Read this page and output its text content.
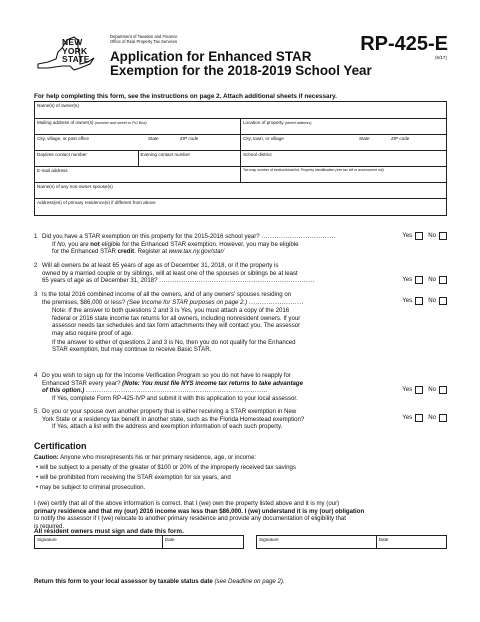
NEW
YORK
STATE
Department of Taxation and Finance
Office of Real Property Tax Services
Application for Enhanced STAR
Exemption for the 2018-2019 School Year
RP-425-E
(6/17)
For help completing this form, see the instructions on page 2. Attach additional sheets if necessary.
Name(s) of owner(s)
Mailing address of owner(s) (number and street or PO Box)	Location of property (street address)
City, village, or post office	State	ZIP code	City, town, or village	State	ZIP code
Daytime contact number	Evening contact number	School district
E-mail address	Tax map number of section/block/lot: Property identification (see tax bill or assessment roll)
Name(s) of any non-owner spouse(s)
Address(es) of primary residence(s) if different from above
1 Did you have a STAR exemption on this property for the 2015-2016 school year? ..................................

If No, you are not eligible for the Enhanced STAR exemption. However, you may be eligible

for the Enhanced STAR credit. Register at www.tax.ny.gov/star/

Yes	No
2 Will all owners be at least 65 years of age as of December 31, 2018, or if the property is

owned by a married couple or by siblings, will at least one of the spouses or siblings be at least

65 years of age as of December 31, 2018? .......................................................................	Yes	No
3 Is the total 2016 combined income of all the owners, and of any owners' spouses residing on

the premises, $86,000 or less? (See Income for STAR purposes on page 2.) .........................

Note: If the answer to both questions 2 and 3 is Yes, you must attach a copy of the 2016

federal or 2016 state income tax returns for all owners, including nonresident owners. If your

assessor needs tax schedules and tax form attachments they will contact you. The assessor

may also require proof of age.

If the answer to either of questions 2 and 3 is No, then you do not qualify for the Enhanced

STAR exemption, but may continue to receive Basic STAR.

Yes	No
4 Do you wish to sign up for the Income Verification Program so you do not have to reapply for

Enhanced STAR every year? (Note: You must file NYS income tax returns to take advantage

of this option.) ...................................................................................

If Yes, complete Form RP-425-IVP and submit it with this application to your local assessor.

Yes	No
5 Do you or your spouse own another property that is either receiving a STAR exemption in New

York State or a residency tax benefit in another state, such as the Florida Homestead exemption?

If Yes, attach a list with the address and exemption information of each such property.

Yes	No
Certification
Caution: Anyone who misrepresents his or her primary residence, age, or income:
• will be subject to a penalty of the greater of $100 or 20% of the improperly received tax savings
• will be prohibited from receiving the STAR exemption for six years, and
• may be subject to criminal prosecution.

I (we) certify that all of the above information is correct, that I (we) own the property listed above and it is my (our)

primary residence and that my (our) 2016 income was less than $86,000. I (we) understand it is my (our) obligation

to notify the assessor if I (we) relocate to another primary residence and provide any documentation of eligibility that

is required.

All resident owners must sign and date this form.
Signature	Date	Signature	Date
Return this form to your local assessor by taxable status date (see Deadline on page 2).
